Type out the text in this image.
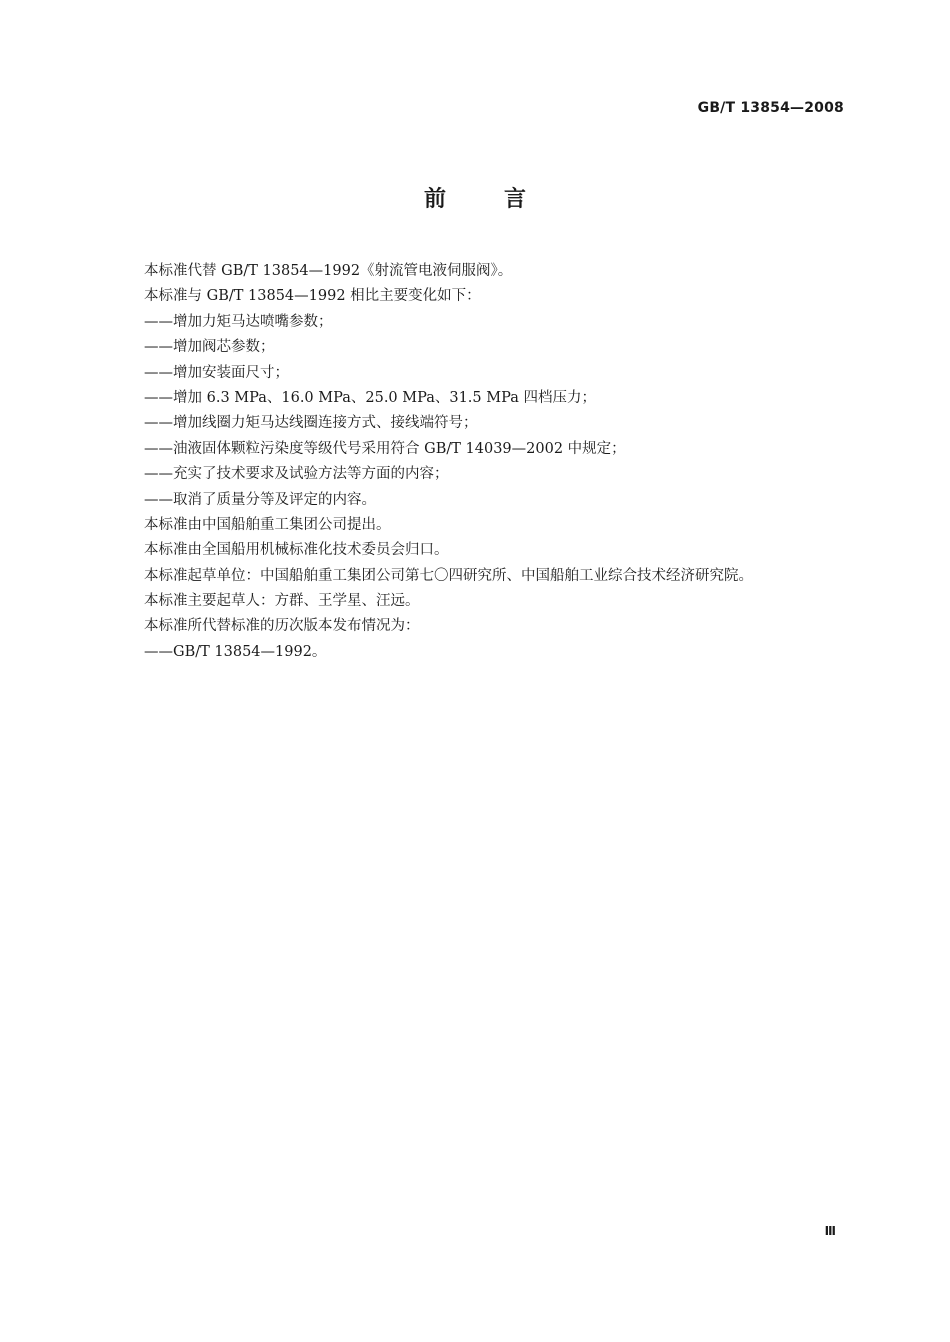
GB/T 13854—2008
前言
本标准代替 GB/T 13854—1992《射流管电液伺服阀》。
本标准与 GB/T 13854—1992 相比主要变化如下：
——增加力矩马达喷嘴参数；
——增加阀芯参数；
——增加安装面尺寸；
——增加 6.3 MPa、16.0 MPa、25.0 MPa、31.5 MPa 四档压力；
——增加线圈力矩马达线圈连接方式、接线端符号；
——油液固体颗粒污染度等级代号采用符合 GB/T 14039—2002 中规定；
——充实了技术要求及试验方法等方面的内容；
——取消了质量分等及评定的内容。
本标准由中国船舶重工集团公司提出。
本标准由全国船用机械标准化技术委员会归口。
本标准起草单位：中国船舶重工集团公司第七〇四研究所、中国船舶工业综合技术经济研究院。
本标准主要起草人：方群、王学星、汪远。
本标准所代替标准的历次版本发布情况为：
——GB/T 13854—1992。
Ⅲ
